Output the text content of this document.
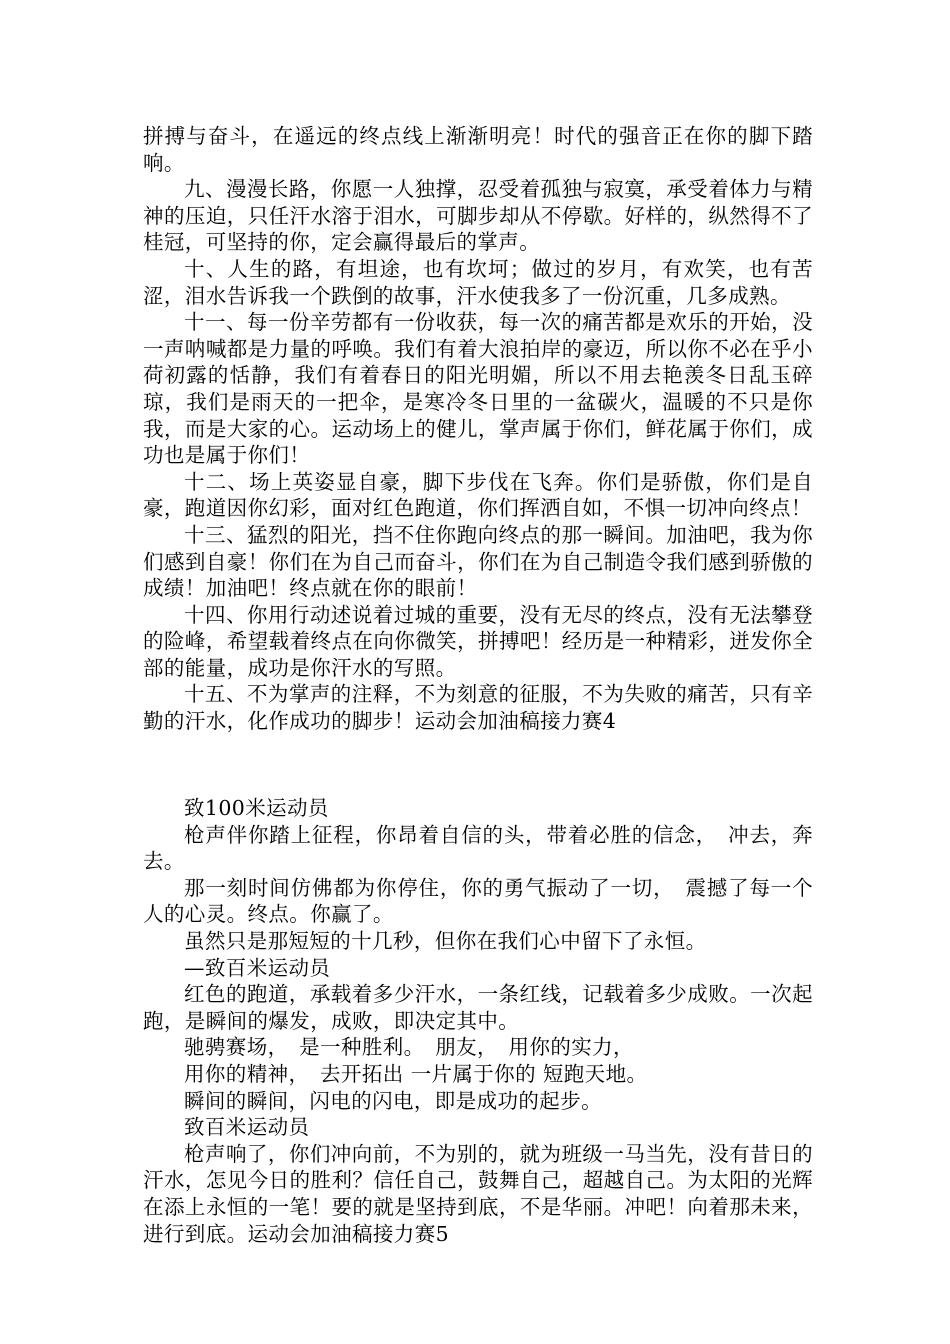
拼搏与奋斗，在遥远的终点线上渐渐明亮！时代的强音正在你的脚下踏响。

九、漫漫长路，你愿一人独撑，忍受着孤独与寂寞，承受着体力与精神的压迫，只任汗水溶于泪水，可脚步却从不停歇。好样的，纵然得不了桂冠，可坚持的你，定会赢得最后的掌声。

十、人生的路，有坦途，也有坎坷；做过的岁月，有欢笑，也有苦涩，泪水告诉我一个跌倒的故事，汗水使我多了一份沉重，几多成熟。

十一、每一份辛劳都有一份收获，每一次的痛苦都是欢乐的开始，没一声呐喊都是力量的呼唤。我们有着大浪拍岸的豪迈，所以你不必在乎小荷初露的恬静，我们有着春日的阳光明媚，所以不用去艳羡冬日乱玉碎琼，我们是雨天的一把伞，是寒冷冬日里的一盆碳火，温暖的不只是你我，而是大家的心。运动场上的健儿，掌声属于你们，鲜花属于你们，成功也是属于你们！

十二、场上英姿显自豪，脚下步伐在飞奔。你们是骄傲，你们是自豪，跑道因你幻彩，面对红色跑道，你们挥洒自如，不惧一切冲向终点！

十三、猛烈的阳光，挡不住你跑向终点的那一瞬间。加油吧，我为你们感到自豪！你们在为自己而奋斗，你们在为自己制造令我们感到骄傲的成绩！加油吧！终点就在你的眼前！

十四、你用行动述说着过城的重要，没有无尽的终点，没有无法攀登的险峰，希望载着终点在向你微笑，拼搏吧！经历是一种精彩，迸发你全部的能量，成功是你汗水的写照。

十五、不为掌声的注释，不为刻意的征服，不为失败的痛苦，只有辛勤的汗水，化作成功的脚步！运动会加油稿接力赛4

致100米运动员

枪声伴你踏上征程，你昂着自信的头，带着必胜的信念，　冲去，奔去。

那一刻时间仿佛都为你停住，你的勇气振动了一切，　震撼了每一个人的心灵。终点。你赢了。

虽然只是那短短的十几秒，但你在我们心中留下了永恒。

—致百米运动员

红色的跑道，承载着多少汗水，一条红线，记载着多少成败。一次起跑，是瞬间的爆发，成败，即决定其中。

驰骋赛场，　是一种胜利。　朋友，　用你的实力，

用你的精神，　去开拓出 一片属于你的 短跑天地。

瞬间的瞬间，闪电的闪电，即是成功的起步。

致百米运动员

枪声响了，你们冲向前，不为别的，就为班级一马当先，没有昔日的汗水，怎见今日的胜利？信任自己，鼓舞自己，超越自己。为太阳的光辉在添上永恒的一笔！要的就是坚持到底，不是华丽。冲吧！向着那未来，进行到底。运动会加油稿接力赛5
